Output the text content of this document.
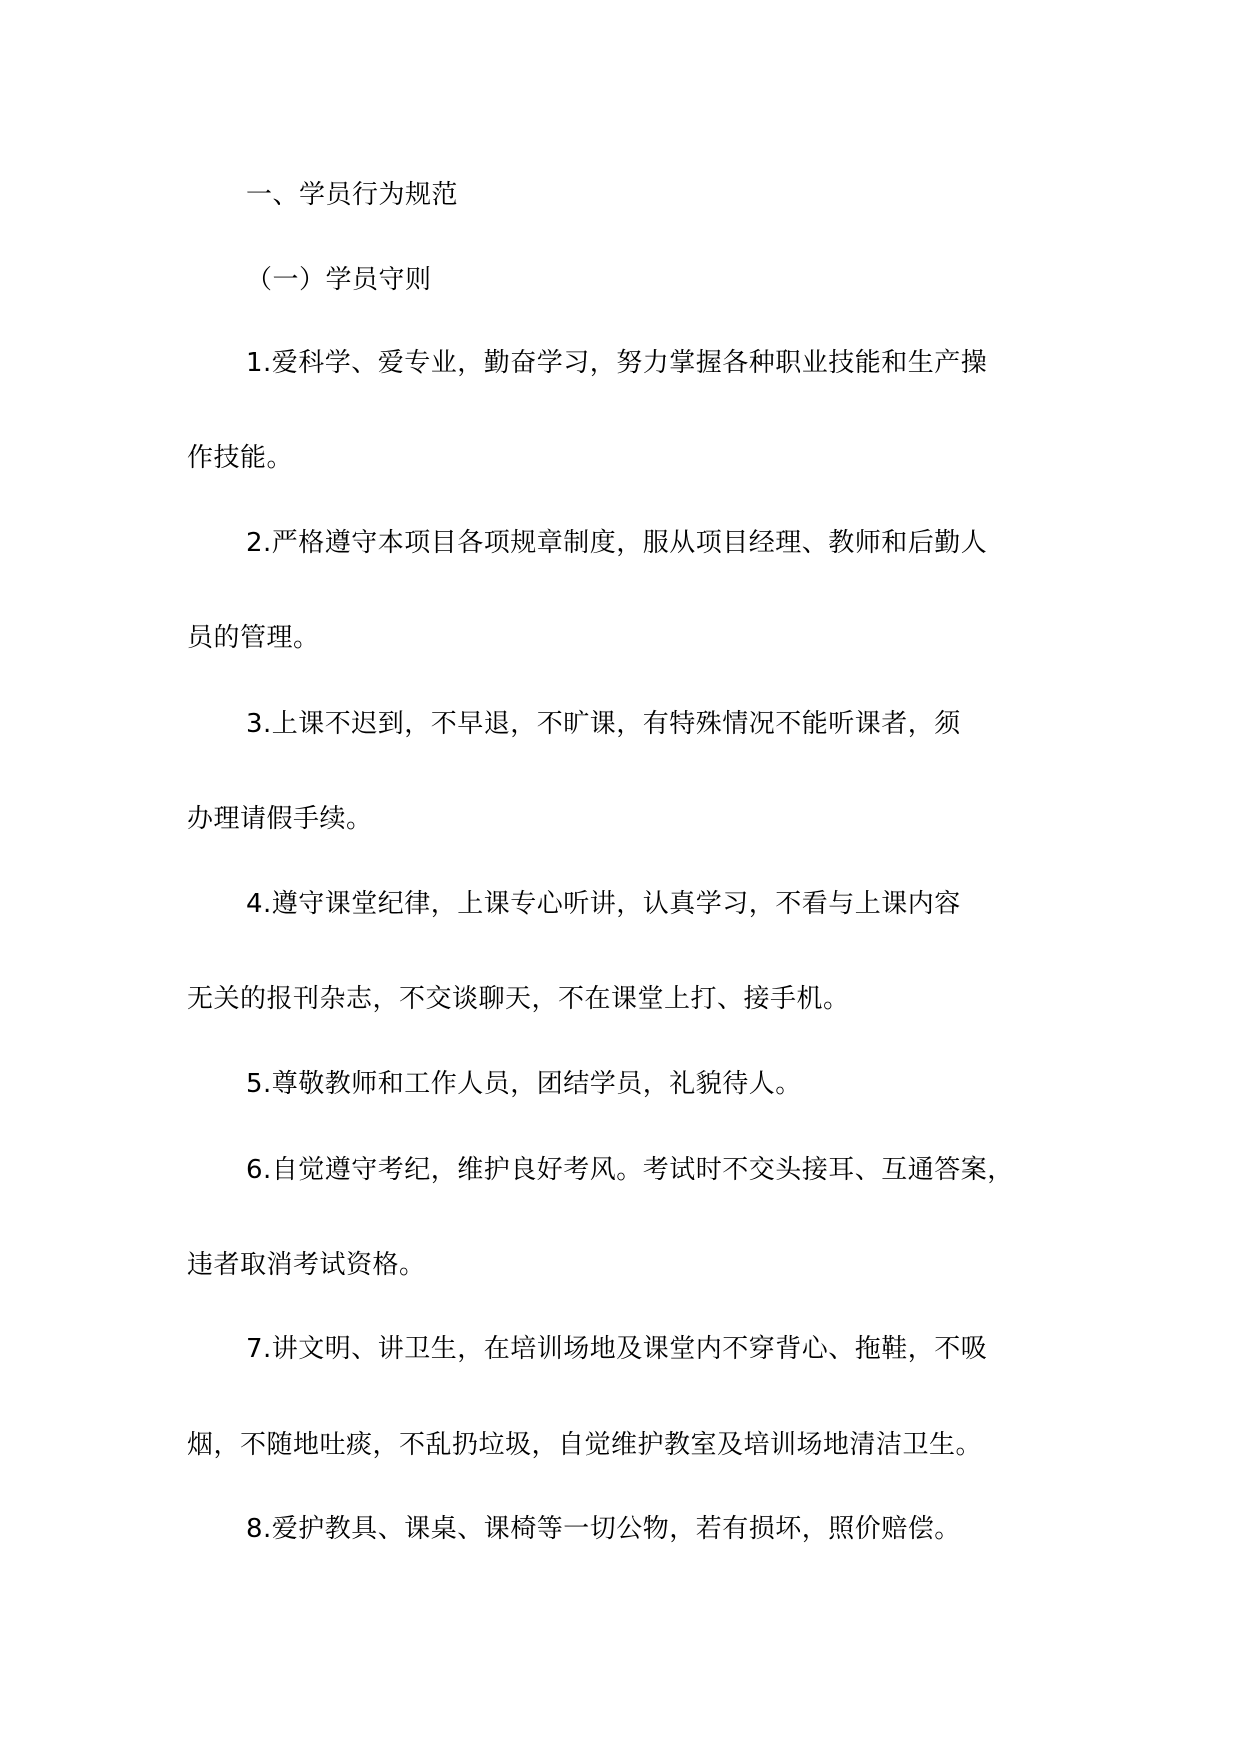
一、学员行为规范
（一）学员守则
1.爱科学、爱专业，勤奋学习，努力掌握各种职业技能和生产操
作技能。
2.严格遵守本项目各项规章制度，服从项目经理、教师和后勤人
员的管理。
3.上课不迟到，不早退，不旷课，有特殊情况不能听课者，须
办理请假手续。
4.遵守课堂纪律，上课专心听讲，认真学习，不看与上课内容
无关的报刊杂志，不交谈聊天，不在课堂上打、接手机。
5.尊敬教师和工作人员，团结学员，礼貌待人。
6.自觉遵守考纪，维护良好考风。考试时不交头接耳、互通答案，
违者取消考试资格。
7.讲文明、讲卫生，在培训场地及课堂内不穿背心、拖鞋，不吸
烟，不随地吐痰，不乱扔垃圾，自觉维护教室及培训场地清洁卫生。
8.爱护教具、课桌、课椅等一切公物，若有损坏，照价赔偿。
